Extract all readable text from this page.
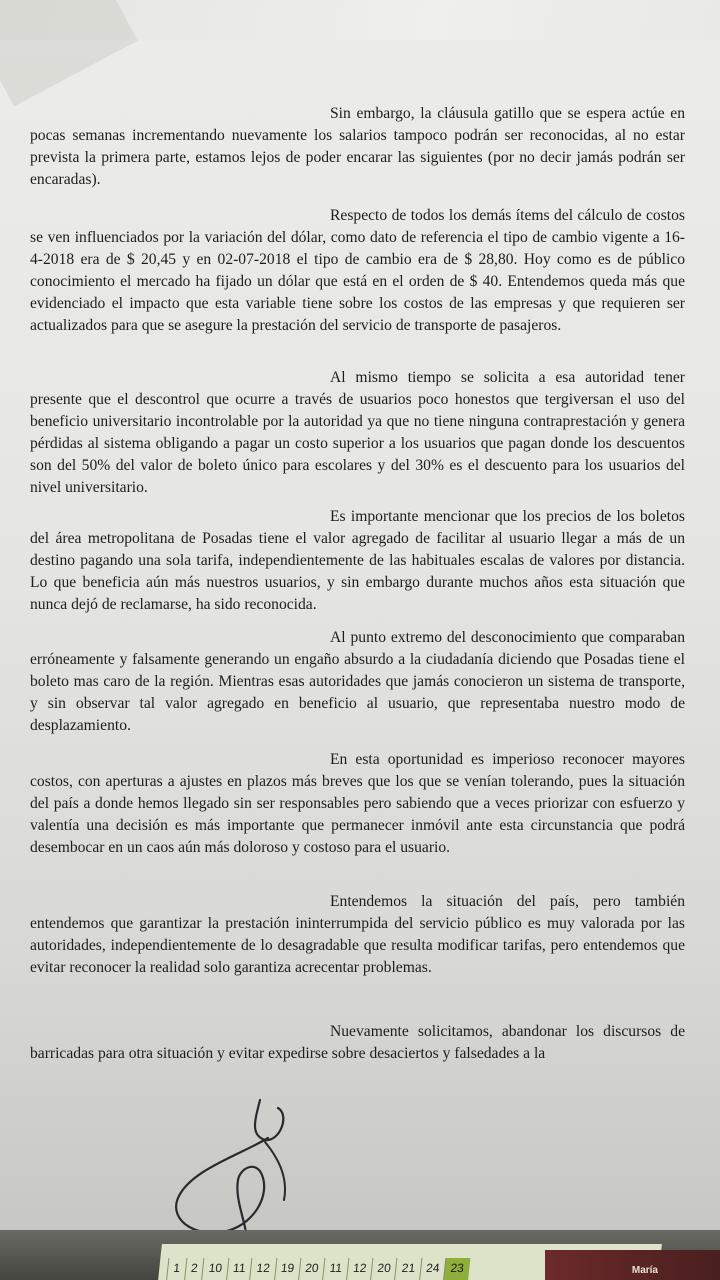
Sin embargo, la cláusula gatillo que se espera actúe en pocas semanas incrementando nuevamente los salarios tampoco podrán ser reconocidas, al no estar prevista la primera parte, estamos lejos de poder encarar las siguientes (por no decir jamás podrán ser encaradas).

Respecto de todos los demás ítems del cálculo de costos se ven influenciados por la variación del dólar, como dato de referencia el tipo de cambio vigente a 16-4-2018 era de $ 20,45 y en 02-07-2018 el tipo de cambio era de $ 28,80. Hoy como es de público conocimiento el mercado ha fijado un dólar que está en el orden de $ 40. Entendemos queda más que evidenciado el impacto que esta variable tiene sobre los costos de las empresas y que requieren ser actualizados para que se asegure la prestación del servicio de transporte de pasajeros.

Al mismo tiempo se solicita a esa autoridad tener presente que el descontrol que ocurre a través de usuarios poco honestos que tergiversan el uso del beneficio universitario incontrolable por la autoridad ya que no tiene ninguna contraprestación y genera pérdidas al sistema obligando a pagar un costo superior a los usuarios que pagan donde los descuentos son del 50% del valor de boleto único para escolares y del 30% es el descuento para los usuarios del nivel universitario.

Es importante mencionar que los precios de los boletos del área metropolitana de Posadas tiene el valor agregado de facilitar al usuario llegar a más de un destino pagando una sola tarifa, independientemente de las habituales escalas de valores por distancia. Lo que beneficia aún más nuestros usuarios, y sin embargo durante muchos años esta situación que nunca dejó de reclamarse, ha sido reconocida.

Al punto extremo del desconocimiento que comparaban erróneamente y falsamente generando un engaño absurdo a la ciudadanía diciendo que Posadas tiene el boleto mas caro de la región. Mientras esas autoridades que jamás conocieron un sistema de transporte, y sin observar tal valor agregado en beneficio al usuario, que representaba nuestro modo de desplazamiento.

En esta oportunidad es imperioso reconocer mayores costos, con aperturas a ajustes en plazos más breves que los que se venían tolerando, pues la situación del país a donde hemos llegado sin ser responsables pero sabiendo que a veces priorizar con esfuerzo y valentía una decisión es más importante que permanecer inmóvil ante esta circunstancia que podrá desembocar en un caos aún más doloroso y costoso para el usuario.

Entendemos la situación del país, pero también entendemos que garantizar la prestación ininterrumpida del servicio público es muy valorada por las autoridades, independientemente de lo desagradable que resulta modificar tarifas, pero entendemos que evitar reconocer la realidad solo garantiza acrecentar problemas.

Nuevamente solicitamos, abandonar los discursos de barricadas para otra situación y evitar expedirse sobre desaciertos y falsedades a la

1 2 10 11 12 19 20 11 12 20 21 24 23	María
